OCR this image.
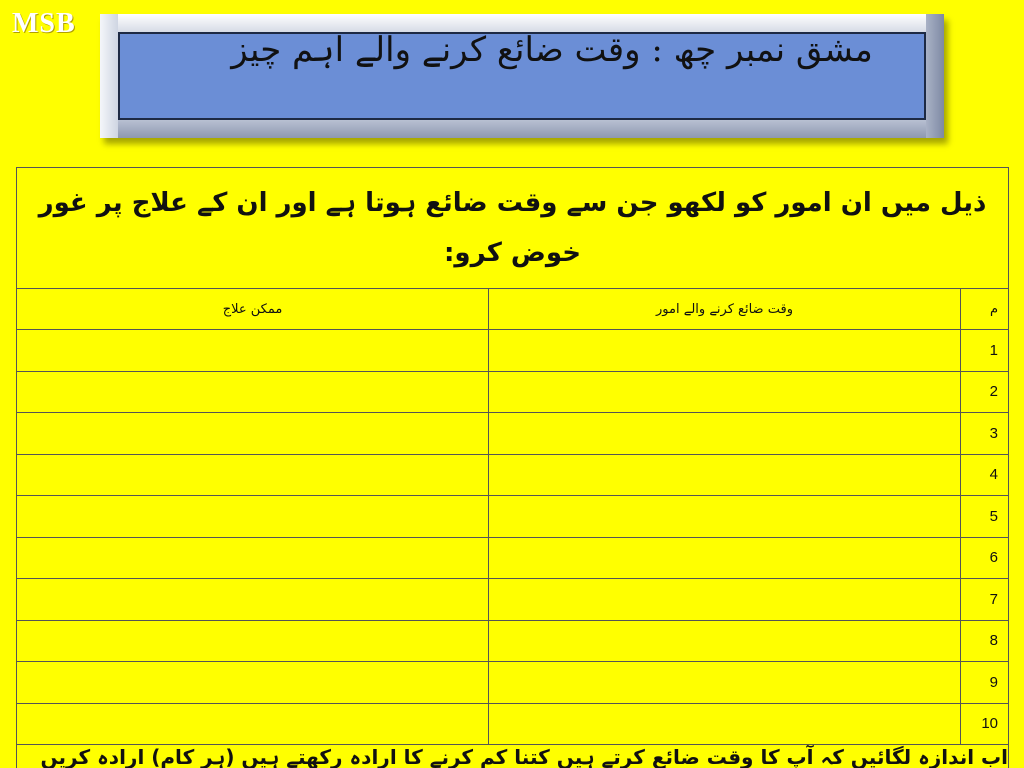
MSB

مشق نمبر چھ : وقت ضائع کرنے والے اہم چیز

ذیل میں ان امور کو لکھو جن سے وقت ضائع ہوتا ہے اور ان کے علاج پر غور خوض کرو:		
م	وقت ضائع کرنے والے امور	ممکن علاج
1		
2		
3		
4		
5		
6		
7		
8		
9		
10		
اب اندازہ لگائیں کہ آپ کا وقت ضائع کرتے ہیں کتنا کم کرنے کا ارادہ رکھتے ہیں (ہر کام) ارادہ کریں		
